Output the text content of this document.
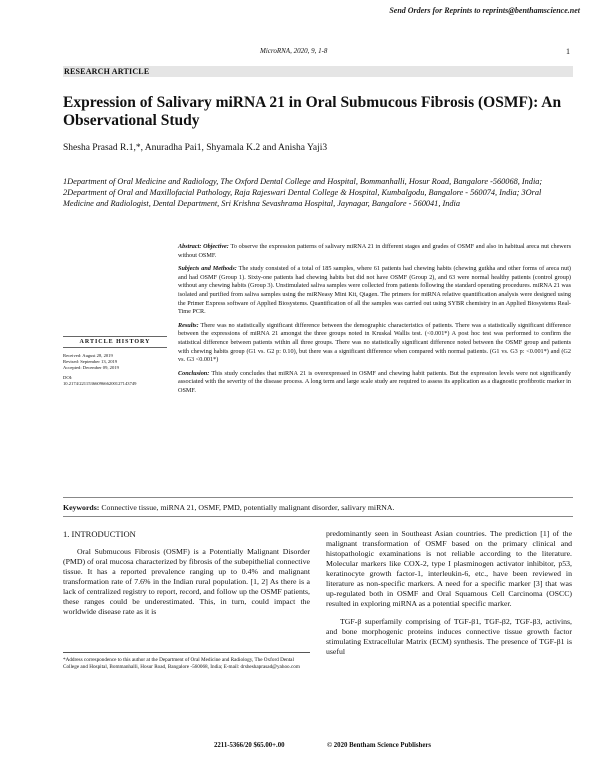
Send Orders for Reprints to reprints@benthamscience.net
MicroRNA, 2020, 9, 1-8	1
RESEARCH ARTICLE
Expression of Salivary miRNA 21 in Oral Submucous Fibrosis (OSMF): An Observational Study
Shesha Prasad R.1,*, Anuradha Pai1, Shyamala K.2 and Anisha Yaji3
1Department of Oral Medicine and Radiology, The Oxford Dental College and Hospital, Bommanhalli, Hosur Road, Bangalore -560068, India; 2Department of Oral and Maxillofacial Pathology, Raja Rajeswari Dental College & Hospital, Kumbalgodu, Bangalore - 560074, India; 3Oral Medicine and Radiologist, Dental Department, Sri Krishna Sevashrama Hospital, Jaynagar, Bangalore - 560041, India

Abstract: Objective: To observe the expression patterns of salivary miRNA 21 in different stages and grades of OSMF and also in habitual areca nut chewers without OSMF.

Subjects and Methods: The study consisted of a total of 185 samples, where 61 patients had chewing habits (chewing gutkha and other forms of areca nut) and had OSMF (Group 1). Sixty-one patients had chewing habits but did not have OSMF (Group 2), and 63 were normal healthy patients (control group) without any chewing habits (Group 3). Unstimulated saliva samples were collected from patients following the standard operating procedures. miRNA 21 was isolated and purified from saliva samples using the miRNeasy Mini Kit, Qiagen. The primers for miRNA relative quantification analysis were designed using the Primer Express software of Applied Biosystems. Quantification of all the samples was carried out using SYBR chemistry in an Applied Biosystems Real-Time PCR.

Results: There was no statistically significant difference between the demographic characteristics of patients. There was a statistically significant difference between the expressions of miRNA 21 amongst the three groups noted in Kruskal Wallis test. (<0.001*) A post hoc test was performed to confirm the statistical difference between patients within all three groups. There was no statistically significant difference noted between the OSMF group and patients with chewing habits group (G1 vs. G2 p: 0.10), but there was a significant difference when compared with normal patients. (G1 vs. G3 p: <0.001*) and (G2 vs. G3 <0.001*)

Conclusion: This study concludes that miRNA 21 is overexpressed in OSMF and chewing habit patients. But the expression levels were not significantly associated with the severity of the disease process. A long term and large scale study are required to assess its application as a diagnostic profibrotic marker in OSMF.

ARTICLE HISTORY
Received: August 28, 2019
Revised: September 13, 2019
Accepted: December 09, 2019
DOI:
10.2174/2211536609666200127143749
Keywords: Connective tissue, miRNA 21, OSMF, PMD, potentially malignant disorder, salivary miRNA.
1. INTRODUCTION

Oral Submucous Fibrosis (OSMF) is a Potentially Malignant Disorder (PMD) of oral mucosa characterized by fibrosis of the subepithelial connective tissue. It has a reported prevalence ranging up to 0.4% and malignant transformation rate of 7.6% in the Indian rural population. [1, 2] As there is a lack of centralized registry to report, record, and follow up the OSMF patients, these ranges could be underestimated. This, in turn, could impact the worldwide disease rate as it is

predominantly seen in Southeast Asian countries. The prediction [1] of the malignant transformation of OSMF based on the primary clinical and histopathologic examinations is not reliable according to the literature. Molecular markers like COX-2, type I plasminogen activator inhibitor, p53, keratinocyte growth factor-1, interleukin-6, etc., have been reviewed in literature as non-specific markers. A need for a specific marker [3] that was up-regulated both in OSMF and Oral Squamous Cell Carcinoma (OSCC) resulted in exploring miRNA as a potential specific marker.

TGF-β superfamily comprising of TGF-β1, TGF-β2, TGF-β3, activins, and bone morphogenic proteins induces connective tissue growth factor stimulating Extracellular Matrix (ECM) synthesis. The presence of TGF-β1 is useful

*Address correspondence to this author at the Department of Oral Medicine and Radiology, The Oxford Dental College and Hospital, Bommanhalli, Hosur Road, Bangalore -560068, India; E-mail: drsheshaprasad@yahoo.com
2211-5366/20 $65.00+.00	© 2020 Bentham Science Publishers
